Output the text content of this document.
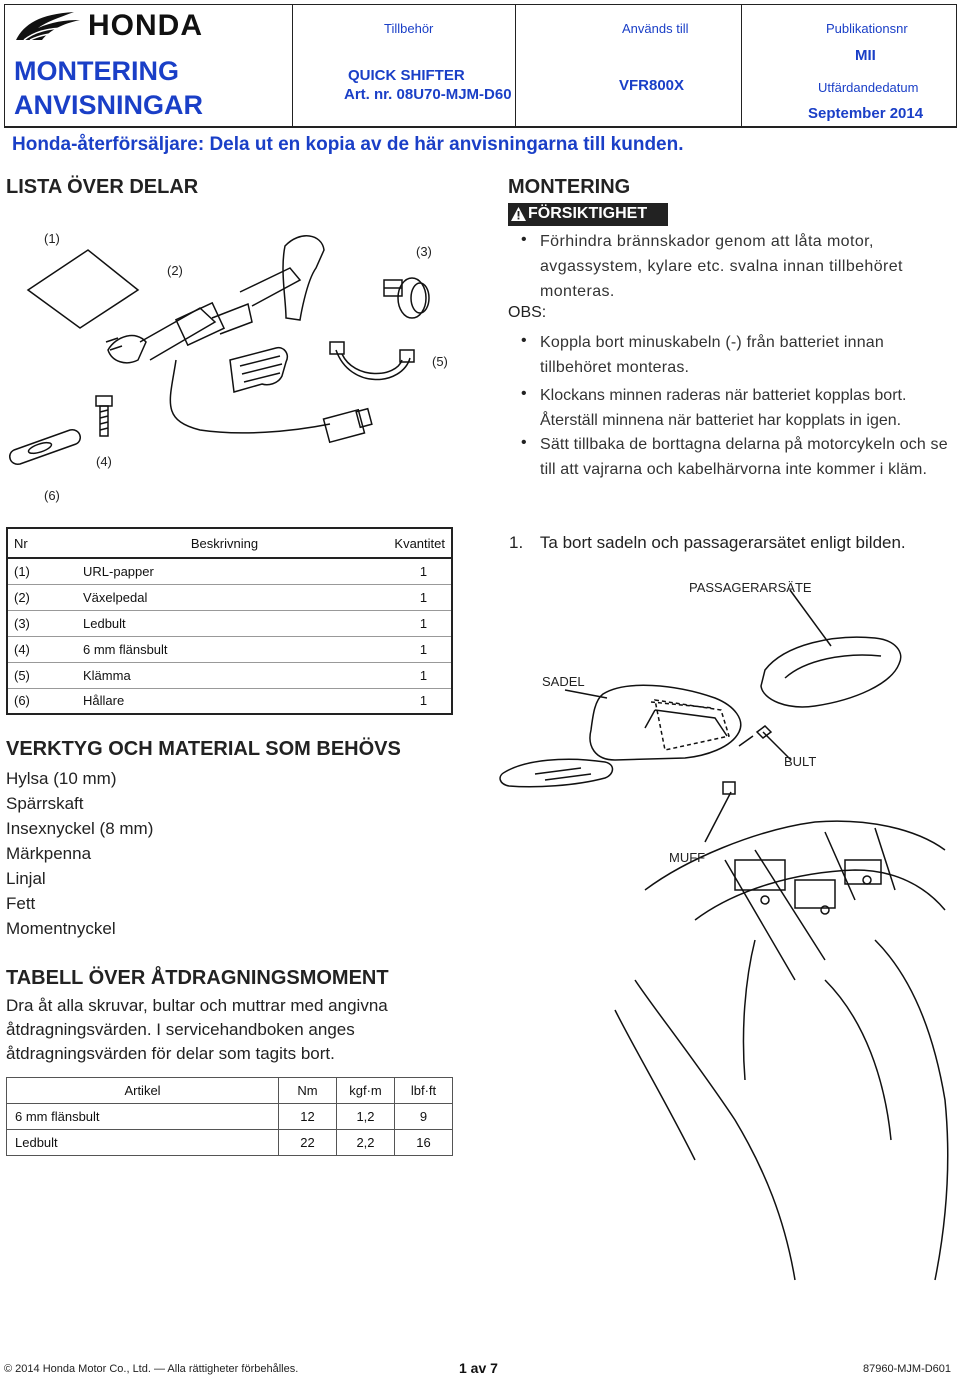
HONDA
MONTERING
ANVISNINGAR
Tillbehör
QUICK SHIFTER
Art. nr. 08U70-MJM-D60
Används till
VFR800X
Publikationsnr
MII
Utfärdandedatum
September 2014
Honda-återförsäljare: Dela ut en kopia av de här anvisningarna till kunden.
LISTA ÖVER DELAR
(1)
(2)
(3)
(4)
(5)
(6)
Nr	Beskrivning	Kvantitet
(1)	URL-papper	1
(2)	Växelpedal	1
(3)	Ledbult	1
(4)	6 mm flänsbult	1
(5)	Klämma	1
(6)	Hållare	1
VERKTYG OCH MATERIAL SOM BEHÖVS
Hylsa (10 mm)
Spärrskaft
Insexnyckel (8 mm)
Märkpenna
Linjal
Fett
Momentnyckel
TABELL ÖVER ÅTDRAGNINGSMOMENT
Dra åt alla skruvar, bultar och muttrar med angivna åtdragningsvärden. I servicehandboken anges åtdragningsvärden för delar som tagits bort.
Artikel	Nm	kgf·m	lbf·ft
6 mm flänsbult	12	1,2	9
Ledbult	22	2,2	16
MONTERING
FÖRSIKTIGHET
• Förhindra brännskador genom att låta motor, avgassystem, kylare etc. svalna innan tillbehöret monteras.
OBS:
• Koppla bort minuskabeln (-) från batteriet innan tillbehöret monteras.
• Klockans minnen raderas när batteriet kopplas bort. Återställ minnena när batteriet har kopplats in igen.
• Sätt tillbaka de borttagna delarna på motorcykeln och se till att vajrarna och kabelhärvorna inte kommer i kläm.
1. Ta bort sadeln och passagerarsätet enligt bilden.
PASSAGERARSÄTE
SADEL
BULT
MUFF
© 2014 Honda Motor Co., Ltd. — Alla rättigheter förbehålles.	1 av 7	87960-MJM-D601
